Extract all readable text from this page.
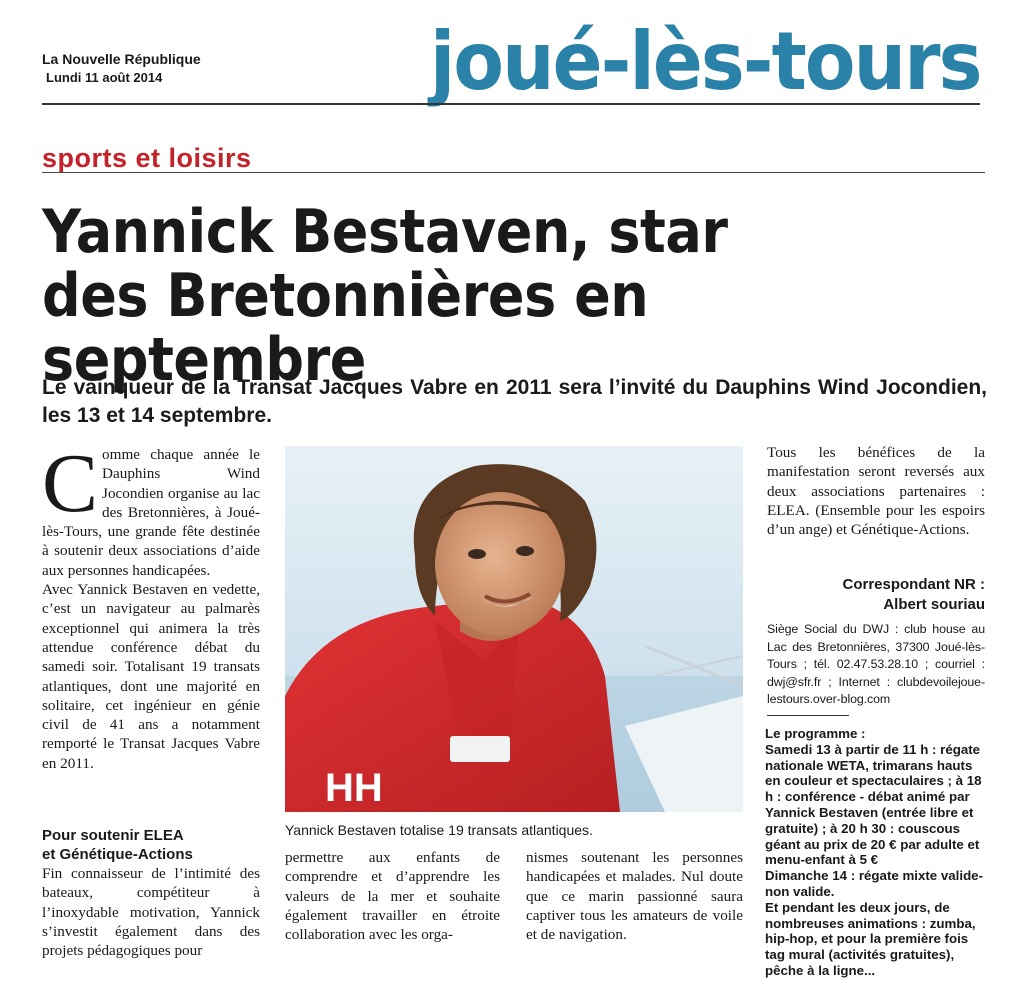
La Nouvelle République
Lundi 11 août 2014	joué-lès-tours
sports et loisirs
Yannick Bestaven, star
des Bretonnières en septembre
Le vainqueur de la Transat Jacques Vabre en 2011 sera l’invité du Dauphins Wind Jocondien, les 13 et 14 septembre.
Comme chaque année le Dauphins Wind Jocondien organise au lac des Bretonnières, à Joué-lès-Tours, une grande fête destinée à soutenir deux associations d’aide aux personnes handicapées.
Avec Yannick Bestaven en vedette, c’est un navigateur au palmarès exceptionnel qui animera la très attendue conférence débat du samedi soir. Totalisant 19 transats atlantiques, dont une majorité en solitaire, cet ingénieur en génie civil de 41 ans a notamment remporté le Transat Jacques Vabre en 2011.
Pour soutenir ELEA
et Génétique-Actions
Fin connaisseur de l’intimité des bateaux, compétiteur à l’inoxydable motivation, Yannick s’investit également dans des projets pédagogiques pour
HH
Yannick Bestaven totalise 19 transats atlantiques.
permettre aux enfants de comprendre et d’apprendre les valeurs de la mer et souhaite également travailler en étroite collaboration avec les orga-
nismes soutenant les personnes handicapées et malades. Nul doute que ce marin passionné saura captiver tous les amateurs de voile et de navigation.
Tous les bénéfices de la manifestation seront reversés aux deux associations partenaires : ELEA. (Ensemble pour les espoirs d’un ange) et Génétique-Actions.
Correspondant NR :
Albert souriau
Siège Social du DWJ : club house au Lac des Bretonnières, 37300 Joué-lès-Tours ; tél. 02.47.53.28.10 ; courriel : dwj@sfr.fr ; Internet : clubdevoilejoue-lestours.over-blog.com
Le programme :
Samedi 13 à partir de 11 h : régate nationale WETA, trimarans hauts en couleur et spectaculaires ; à 18 h : conférence - débat animé par Yannick Bestaven (entrée libre et gratuite) ; à 20 h 30 : couscous géant au prix de 20 € par adulte et menu-enfant à 5 €
Dimanche 14 : régate mixte valide-non valide.
Et pendant les deux jours, de nombreuses animations : zumba, hip-hop, et pour la première fois tag mural (activités gratuites), pêche à la ligne...
